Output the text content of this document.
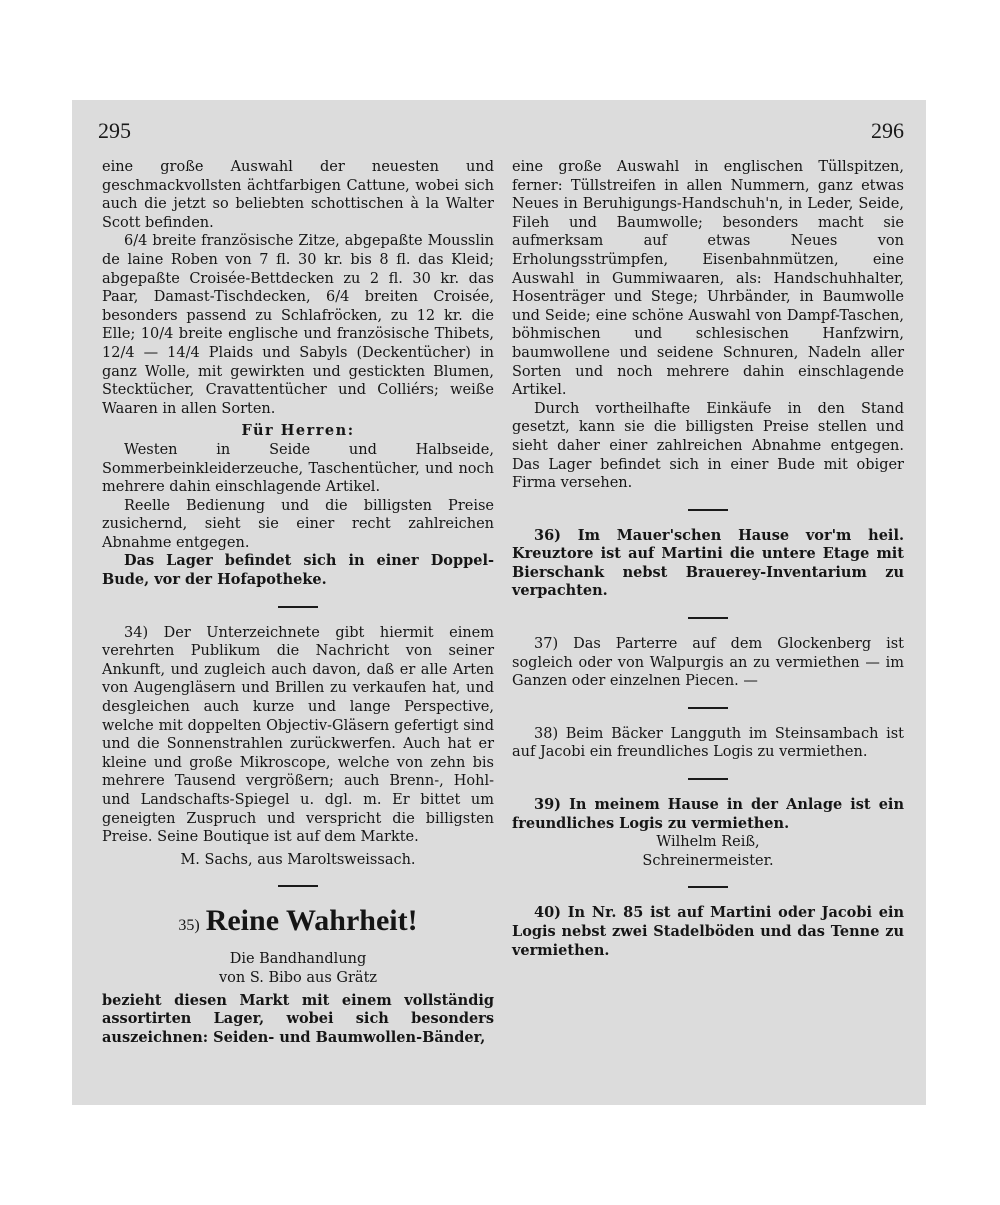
295	296

eine große Auswahl der neuesten und geschmackvollsten ächtfarbigen Cattune, wobei sich auch die jetzt so beliebten schottischen à la Walter Scott befinden.

6/4 breite französische Zitze, abgepaßte Mousslin de laine Roben von 7 fl. 30 kr. bis 8 fl. das Kleid; abgepaßte Croisée-Bettdecken zu 2 fl. 30 kr. das Paar, Damast-Tischdecken, 6/4 breiten Croisée, besonders passend zu Schlafröcken, zu 12 kr. die Elle; 10/4 breite englische und französische Thibets, 12/4 — 14/4 Plaids und Sabyls (Deckentücher) in ganz Wolle, mit gewirkten und gestickten Blumen, Stecktücher, Cravattentücher und Colliérs; weiße Waaren in allen Sorten.

Für Herren:

Westen in Seide und Halbseide, Sommerbeinkleiderzeuche, Taschentücher, und noch mehrere dahin einschlagende Artikel.

Reelle Bedienung und die billigsten Preise zusichernd, sieht sie einer recht zahlreichen Abnahme entgegen.

Das Lager befindet sich in einer Doppel-Bude, vor der Hofapotheke.

34) Der Unterzeichnete gibt hiermit einem verehrten Publikum die Nachricht von seiner Ankunft, und zugleich auch davon, daß er alle Arten von Augengläsern und Brillen zu verkaufen hat, und desgleichen auch kurze und lange Perspective, welche mit doppelten Objectiv-Gläsern gefertigt sind und die Sonnenstrahlen zurückwerfen. Auch hat er kleine und große Mikroscope, welche von zehn bis mehrere Tausend vergrößern; auch Brenn-, Hohl- und Landschafts-Spiegel u. dgl. m. Er bittet um geneigten Zuspruch und verspricht die billigsten Preise. Seine Boutique ist auf dem Markte.

M. Sachs, aus Maroltsweissach.

35) Reine Wahrheit!

Die Bandhandlung

von S. Bibo aus Grätz

bezieht diesen Markt mit einem vollständig assortirten Lager, wobei sich besonders auszeichnen: Seiden- und Baumwollen-Bänder,

eine große Auswahl in englischen Tüllspitzen, ferner: Tüllstreifen in allen Nummern, ganz etwas Neues in Beruhigungs-Handschuh'n, in Leder, Seide, Fileh und Baumwolle; besonders macht sie aufmerksam auf etwas Neues von Erholungsstrümpfen, Eisenbahnmützen, eine Auswahl in Gummiwaaren, als: Handschuhhalter, Hosenträger und Stege; Uhrbänder, in Baumwolle und Seide; eine schöne Auswahl von Dampf-Taschen, böhmischen und schlesischen Hanfzwirn, baumwollene und seidene Schnuren, Nadeln aller Sorten und noch mehrere dahin einschlagende Artikel.

Durch vortheilhafte Einkäufe in den Stand gesetzt, kann sie die billigsten Preise stellen und sieht daher einer zahlreichen Abnahme entgegen. Das Lager befindet sich in einer Bude mit obiger Firma versehen.

36) Im Mauer'schen Hause vor'm heil. Kreuztore ist auf Martini die untere Etage mit Bierschank nebst Brauerey-Inventarium zu verpachten.

37) Das Parterre auf dem Glockenberg ist sogleich oder von Walpurgis an zu vermiethen — im Ganzen oder einzelnen Piecen. —

38) Beim Bäcker Langguth im Steinsambach ist auf Jacobi ein freundliches Logis zu vermiethen.

39) In meinem Hause in der Anlage ist ein freundliches Logis zu vermiethen.

Wilhelm Reiß,

Schreinermeister.

40) In Nr. 85 ist auf Martini oder Jacobi ein Logis nebst zwei Stadelböden und das Tenne zu vermiethen.
